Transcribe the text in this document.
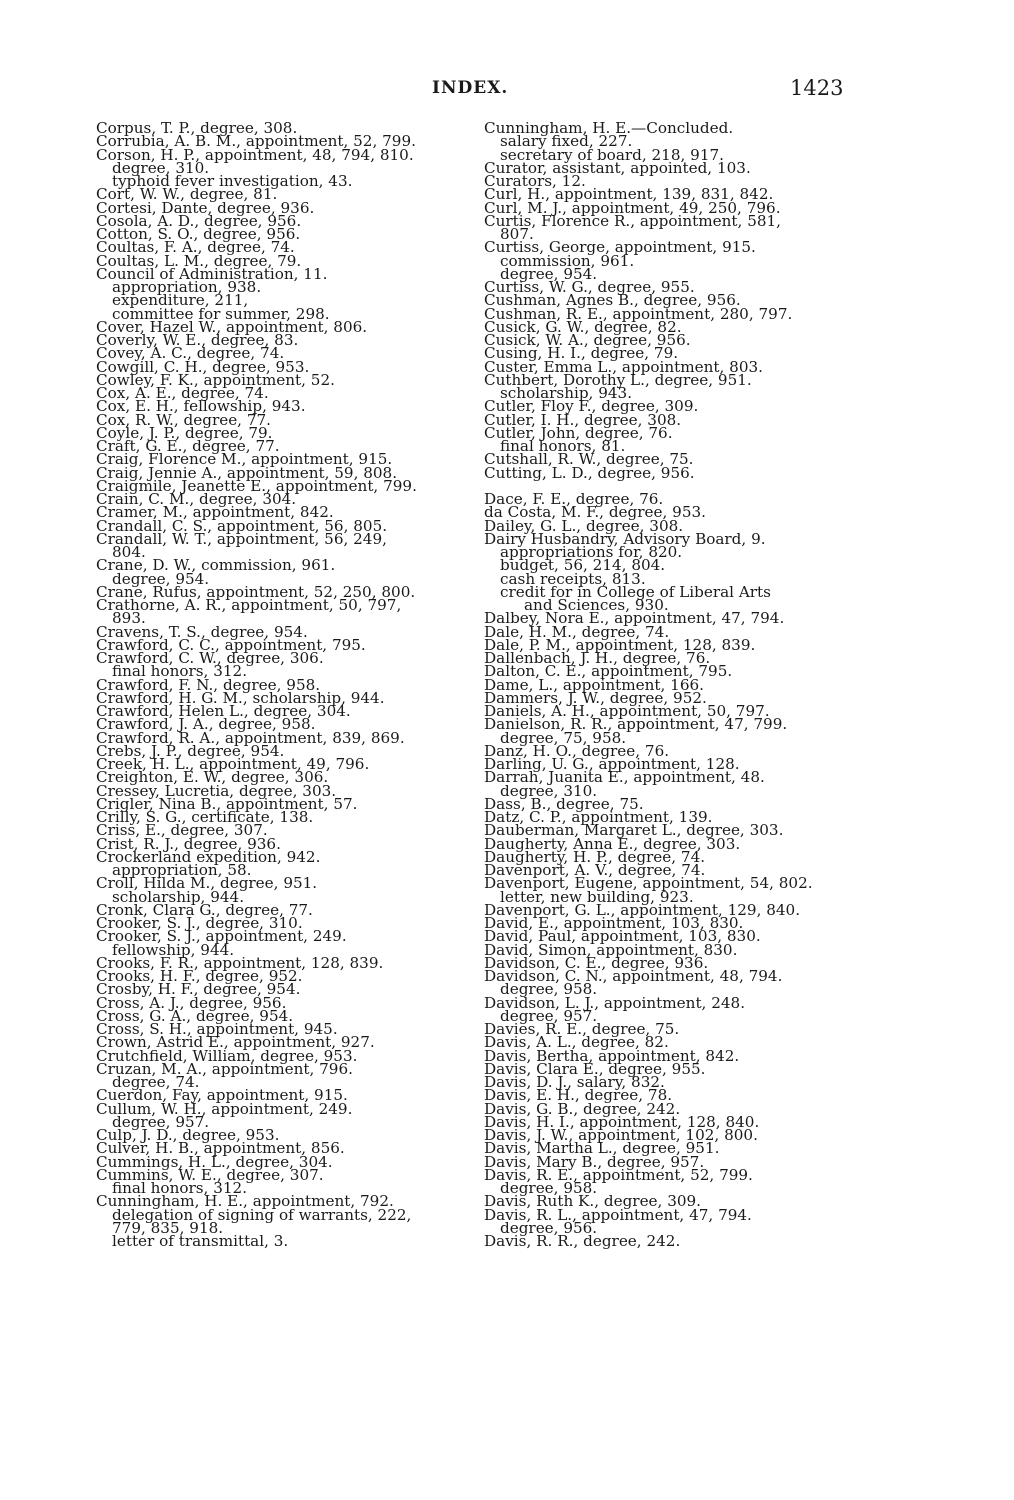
INDEX.	1423
Corpus, T. P., degree, 308.
Corrubia, A. B. M., appointment, 52, 799.
Corson, H. P., appointment, 48, 794, 810.
degree, 310.
typhoid fever investigation, 43.
Cort, W. W., degree, 81.
Cortesi, Dante, degree, 936.
Cosola, A. D., degree, 956.
Cotton, S. O., degree, 956.
Coultas, F. A., degree, 74.
Coultas, L. M., degree, 79.
Council of Administration, 11.
appropriation, 938.
expenditure, 211,
committee for summer, 298.
Cover, Hazel W., appointment, 806.
Coverly, W. E., degree, 83.
Covey, A. C., degree, 74.
Cowgill, C. H., degree, 953.
Cowley, F. K., appointment, 52.
Cox, A. E., degree, 74.
Cox, E. H., fellowship, 943.
Cox, R. W., degree, 77.
Coyle, J. P., degree, 79.
Craft, G. E., degree, 77.
Craig, Florence M., appointment, 915.
Craig, Jennie A., appointment, 59, 808.
Craigmile, Jeanette E., appointment, 799.
Crain, C. M., degree, 304.
Cramer, M., appointment, 842.
Crandall, C. S., appointment, 56, 805.
Crandall, W. T., appointment, 56, 249,
804.
Crane, D. W., commission, 961.
degree, 954.
Crane, Rufus, appointment, 52, 250, 800.
Crathorne, A. R., appointment, 50, 797,
893.
Cravens, T. S., degree, 954.
Crawford, C. C., appointment, 795.
Crawford, C. W., degree, 306.
final honors, 312.
Crawford, F. N., degree, 958.
Crawford, H. G. M., scholarship, 944.
Crawford, Helen L., degree, 304.
Crawford, J. A., degree, 958.
Crawford, R. A., appointment, 839, 869.
Crebs, J. P., degree, 954.
Creek, H. L., appointment, 49, 796.
Creighton, E. W., degree, 306.
Cressey, Lucretia, degree, 303.
Crigler, Nina B., appointment, 57.
Crilly, S. G., certificate, 138.
Criss, E., degree, 307.
Crist, R. J., degree, 936.
Crockerland expedition, 942.
appropriation, 58.
Croll, Hilda M., degree, 951.
scholarship, 944.
Cronk, Clara G., degree, 77.
Crooker, S. J., degree, 310.
Crooker, S. J., appointment, 249.
fellowship, 944.
Crooks, F. R., appointment, 128, 839.
Crooks, H. F., degree, 952.
Crosby, H. F., degree, 954.
Cross, A. J., degree, 956.
Cross, G. A., degree, 954.
Cross, S. H., appointment, 945.
Crown, Astrid E., appointment, 927.
Crutchfield, William, degree, 953.
Cruzan, M. A., appointment, 796.
degree, 74.
Cuerdon, Fay, appointment, 915.
Cullum, W. H., appointment, 249.
degree, 957.
Culp, J. D., degree, 953.
Culver, H. B., appointment, 856.
Cummings, H. L., degree, 304.
Cummins, W. E., degree, 307.
final honors, 312.
Cunningham, H. E., appointment, 792.
delegation of signing of warrants, 222,
779, 835, 918.
letter of transmittal, 3.
Cunningham, H. E.—Concluded.
salary fixed, 227.
secretary of board, 218, 917.
Curator, assistant, appointed, 103.
Curators, 12.
Curl, H., appointment, 139, 831, 842.
Curl, M. J., appointment, 49, 250, 796.
Curtis, Florence R., appointment, 581,
807.
Curtiss, George, appointment, 915.
commission, 961.
degree, 954.
Curtiss, W. G., degree, 955.
Cushman, Agnes B., degree, 956.
Cushman, R. E., appointment, 280, 797.
Cusick, G. W., degree, 82.
Cusick, W. A., degree, 956.
Cusing, H. I., degree, 79.
Custer, Emma L., appointment, 803.
Cuthbert, Dorothy L., degree, 951.
scholarship, 943.
Cutler, Floy F., degree, 309.
Cutler, I. H., degree, 308.
Cutler, John, degree, 76.
final honors, 81.
Cutshall, R. W., degree, 75.
Cutting, L. D., degree, 956.
Dace, F. E., degree, 76.
da Costa, M. F., degree, 953.
Dailey, G. L., degree, 308.
Dairy Husbandry, Advisory Board, 9.
appropriations for, 820.
budget, 56, 214, 804.
cash receipts, 813.
credit for in College of Liberal Arts
and Sciences, 930.
Dalbey, Nora E., appointment, 47, 794.
Dale, H. M., degree, 74.
Dale, P. M., appointment, 128, 839.
Dallenbach, J. H., degree, 76.
Dalton, C. E., appointment, 795.
Dame, L., appointment, 166.
Dammers, J. W., degree, 952.
Daniels, A. H., appointment, 50, 797.
Danielson, R. R., appointment, 47, 799.
degree, 75, 958.
Danz, H. O., degree, 76.
Darling, U. G., appointment, 128.
Darrah, Juanita E., appointment, 48.
degree, 310.
Dass, B., degree, 75.
Datz, C. P., appointment, 139.
Dauberman, Margaret L., degree, 303.
Daugherty, Anna E., degree, 303.
Daugherty, H. P., degree, 74.
Davenport, A. V., degree, 74.
Davenport, Eugene, appointment, 54, 802.
letter, new building, 923.
Davenport, G. L., appointment, 129, 840.
David, E., appointment, 103, 830.
David, Paul, appointment, 103, 830.
David, Simon, appointment, 830.
Davidson, C. E., degree, 936.
Davidson, C. N., appointment, 48, 794.
degree, 958.
Davidson, L. J., appointment, 248.
degree, 957.
Davies, R. E., degree, 75.
Davis, A. L., degree, 82.
Davis, Bertha, appointment, 842.
Davis, Clara E., degree, 955.
Davis, D. J., salary, 832.
Davis, E. H., degree, 78.
Davis, G. B., degree, 242.
Davis, H. I., appointment, 128, 840.
Davis, J. W., appointment, 102, 800.
Davis, Martha L., degree, 951.
Davis, Mary B., degree, 957.
Davis, R. E., appointment, 52, 799.
degree, 958.
Davis, Ruth K., degree, 309.
Davis, R. L., appointment, 47, 794.
degree, 956.
Davis, R. R., degree, 242.
